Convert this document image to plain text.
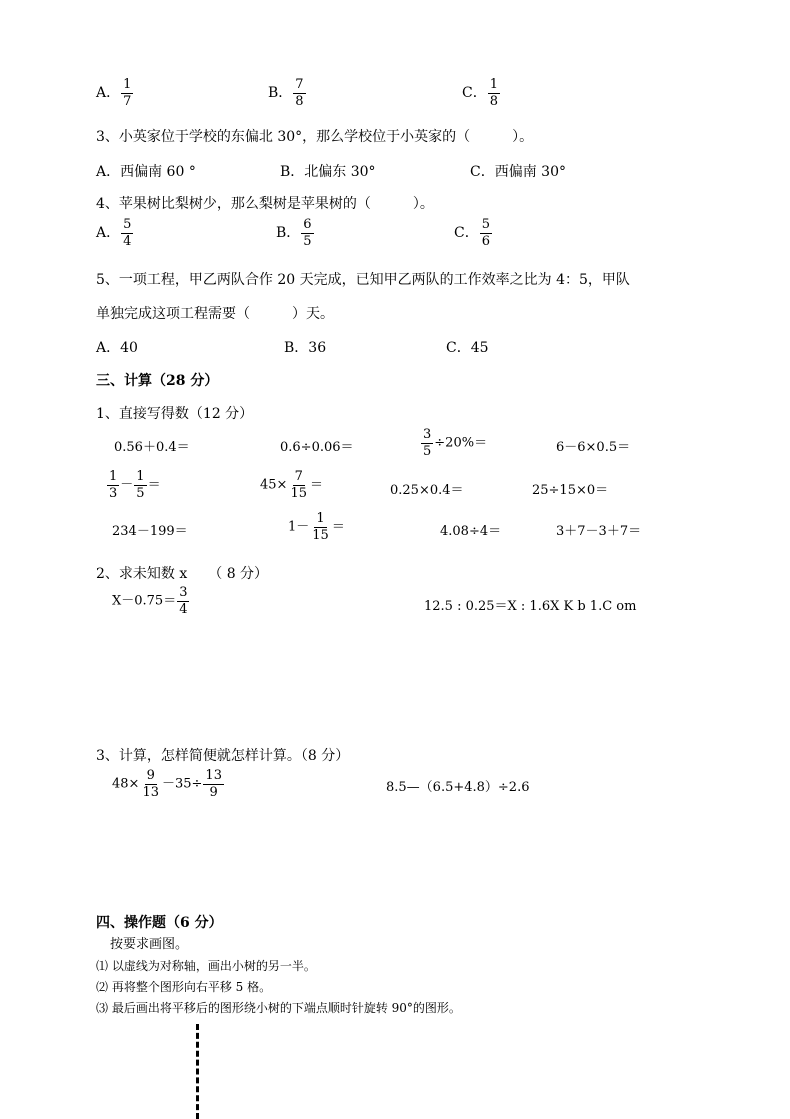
A． $\frac{1}{7}$	B． $\frac{7}{8}$	C． $\frac{1}{8}$
3、小英家位于学校的东偏北 30°，那么学校位于小英家的（　　　）。
A．西偏南 60 °	B．北偏东 30°	C．西偏南 30°
4、苹果树比梨树少，那么梨树是苹果树的（　　　）。
A． $\frac{5}{4}$	B． $\frac{6}{5}$	C． $\frac{5}{6}$
5、一项工程，甲乙两队合作 20 天完成，已知甲乙两队的工作效率之比为 4：5，甲队
单独完成这项工程需要（　　　）天。
A．40	B．36	C．45
三、计算（28 分）
1、直接写得数（12 分）
0.56＋0.4＝	0.6÷0.06＝	$\frac{3}{5} \div 20\%=$	6－6×0.5＝
$\frac{1}{3} - \frac{1}{5}$ ＝	$45\times \frac{7}{15}$ ＝	0.25×0.4＝	25÷15×0＝
234－199＝	$1- \frac{1}{15}$ ＝	4.08÷4＝	3＋7－3＋7＝
2、求未知数 x　　（ 8 分）
$X-0.75= \frac{3}{4}$	12.5 : 0.25＝X : 1.6X K b 1.C om
3、计算，怎样简便就怎样计算。（8 分）
$48\times \frac{9}{13} -35\div \frac{13}{9}$	8.5—（6.5+4.8）÷2.6
四、操作题（6 分）
按要求画图。
⑴ 以虚线为对称轴，画出小树的另一半。
⑵ 再将整个图形向右平移 5 格。
⑶ 最后画出将平移后的图形绕小树的下端点顺时针旋转 90°的图形。
